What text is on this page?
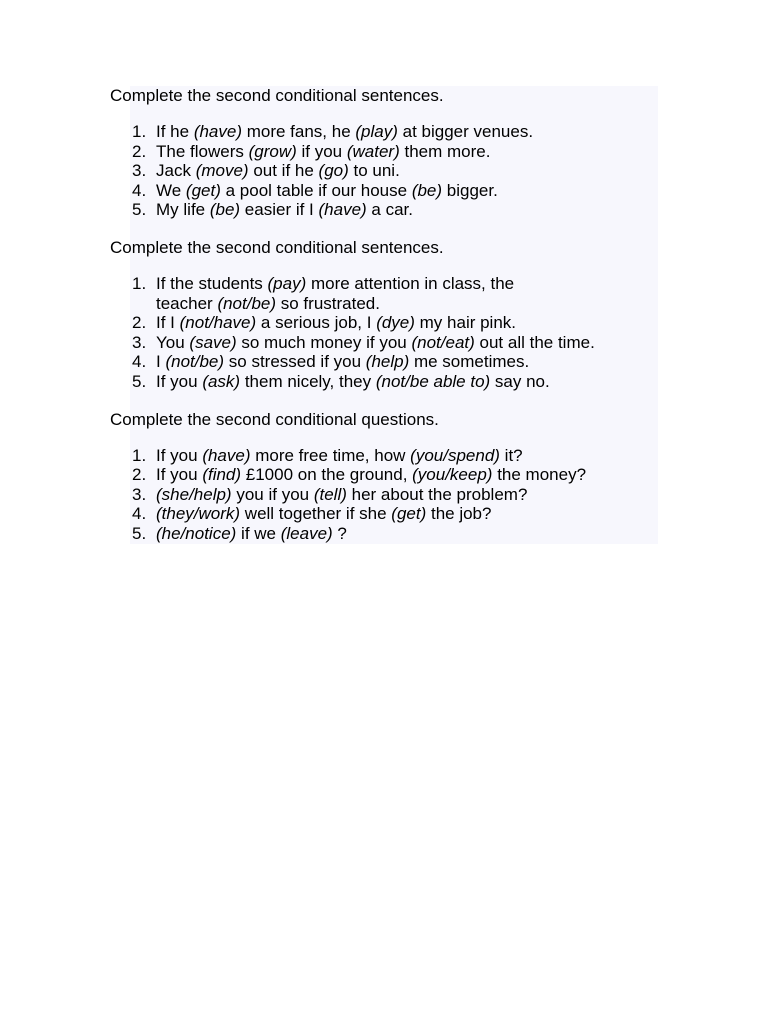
Complete the second conditional sentences.

1. If he (have) more fans, he (play) at bigger venues.
2. The flowers (grow) if you (water) them more.
3. Jack (move) out if he (go) to uni.
4. We (get) a pool table if our house (be) bigger.
5. My life (be) easier if I (have) a car.

Complete the second conditional sentences.

1. If the students (pay) more attention in class, the
teacher (not/be) so frustrated.
2. If I (not/have) a serious job, I (dye) my hair pink.
3. You (save) so much money if you (not/eat) out all the time.
4. I (not/be) so stressed if you (help) me sometimes.
5. If you (ask) them nicely, they (not/be able to) say no.

Complete the second conditional questions.

1. If you (have) more free time, how (you/spend) it?
2. If you (find) £1000 on the ground, (you/keep) the money?
3. (she/help) you if you (tell) her about the problem?
4. (they/work) well together if she (get) the job?
5. (he/notice) if we (leave) ?
